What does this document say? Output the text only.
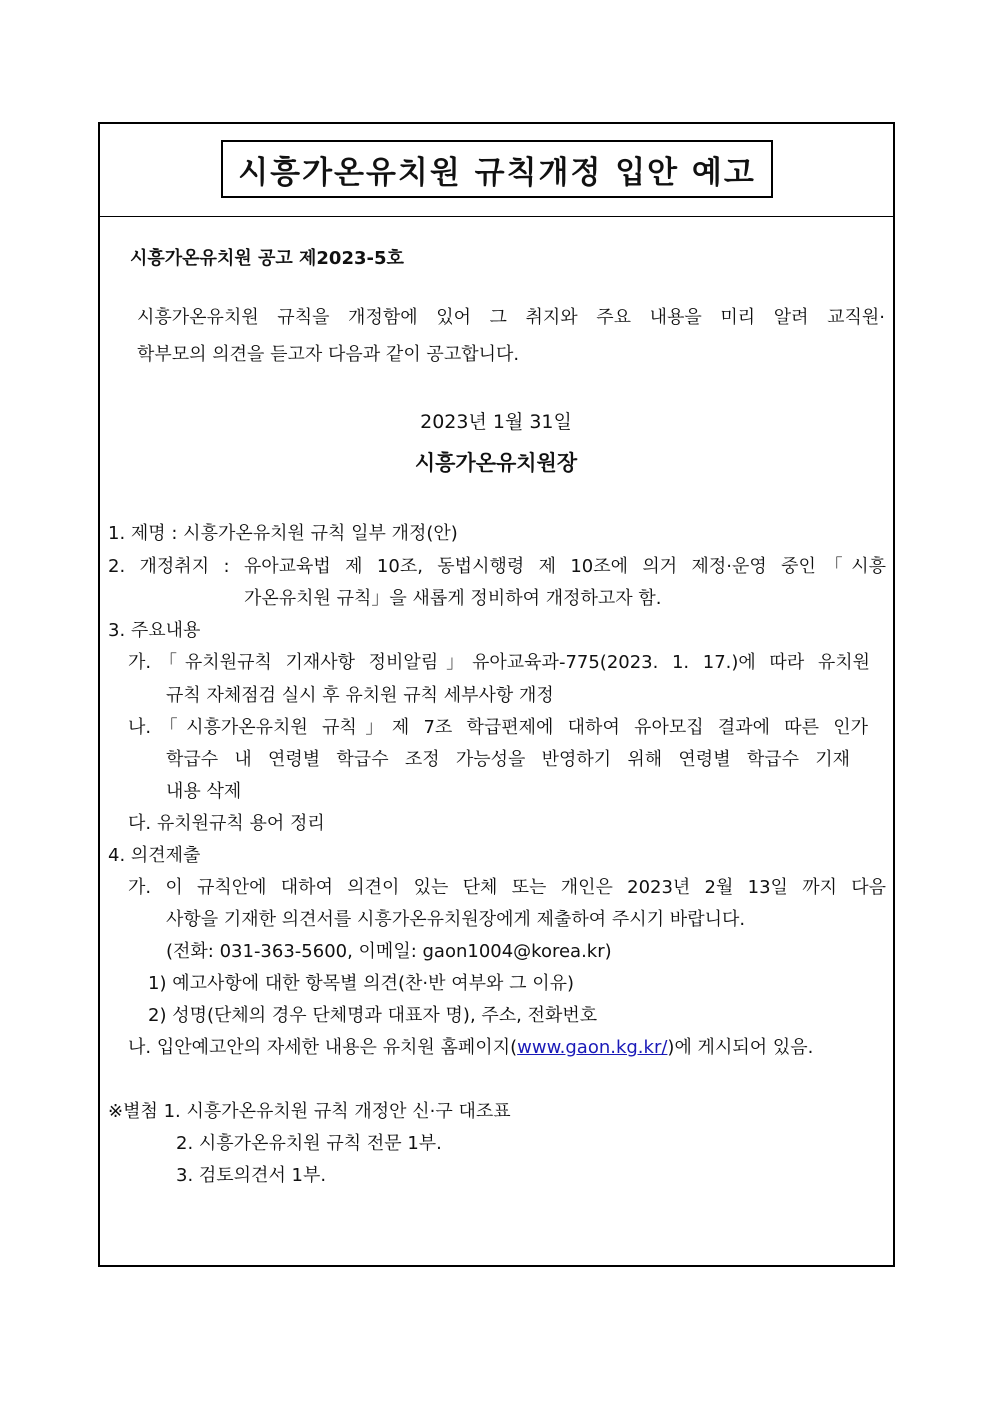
시흥가온유치원 규칙개정 입안 예고
시흥가온유치원 공고 제2023-5호
시흥가온유치원 규칙을 개정함에 있어 그 취지와 주요 내용을 미리 알려 교직원·
학부모의 의견을 듣고자 다음과 같이 공고합니다.
2023년 1월 31일
시흥가온유치원장
1. 제명 : 시흥가온유치원 규칙 일부 개정(안)
2. 개정취지 : 유아교육법 제 10조, 동법시행령 제 10조에 의거 제정·운영 중인「시흥
가온유치원 규칙」을 새롭게 정비하여 개정하고자 함.
3. 주요내용
가.「유치원규칙 기재사항 정비알림」유아교육과-775(2023. 1. 17.)에 따라 유치원
규칙 자체점검 실시 후 유치원 규칙 세부사항 개정
나.「시흥가온유치원 규칙」제 7조 학급편제에 대하여 유아모집 결과에 따른 인가
학급수 내 연령별 학급수 조정 가능성을 반영하기 위해 연령별 학급수 기재
내용 삭제
다. 유치원규칙 용어 정리
4. 의견제출
가. 이 규칙안에 대하여 의견이 있는 단체 또는 개인은 2023년 2월 13일 까지 다음
사항을 기재한 의견서를 시흥가온유치원장에게 제출하여 주시기 바랍니다.
(전화: 031-363-5600, 이메일: gaon1004@korea.kr)
1) 예고사항에 대한 항목별 의견(찬·반 여부와 그 이유)
2) 성명(단체의 경우 단체명과 대표자 명), 주소, 전화번호
나. 입안예고안의 자세한 내용은 유치원 홈페이지(www.gaon.kg.kr/)에 게시되어 있음.
※별첨 1. 시흥가온유치원 규칙 개정안 신·구 대조표
2. 시흥가온유치원 규칙 전문 1부.
3. 검토의견서 1부.
